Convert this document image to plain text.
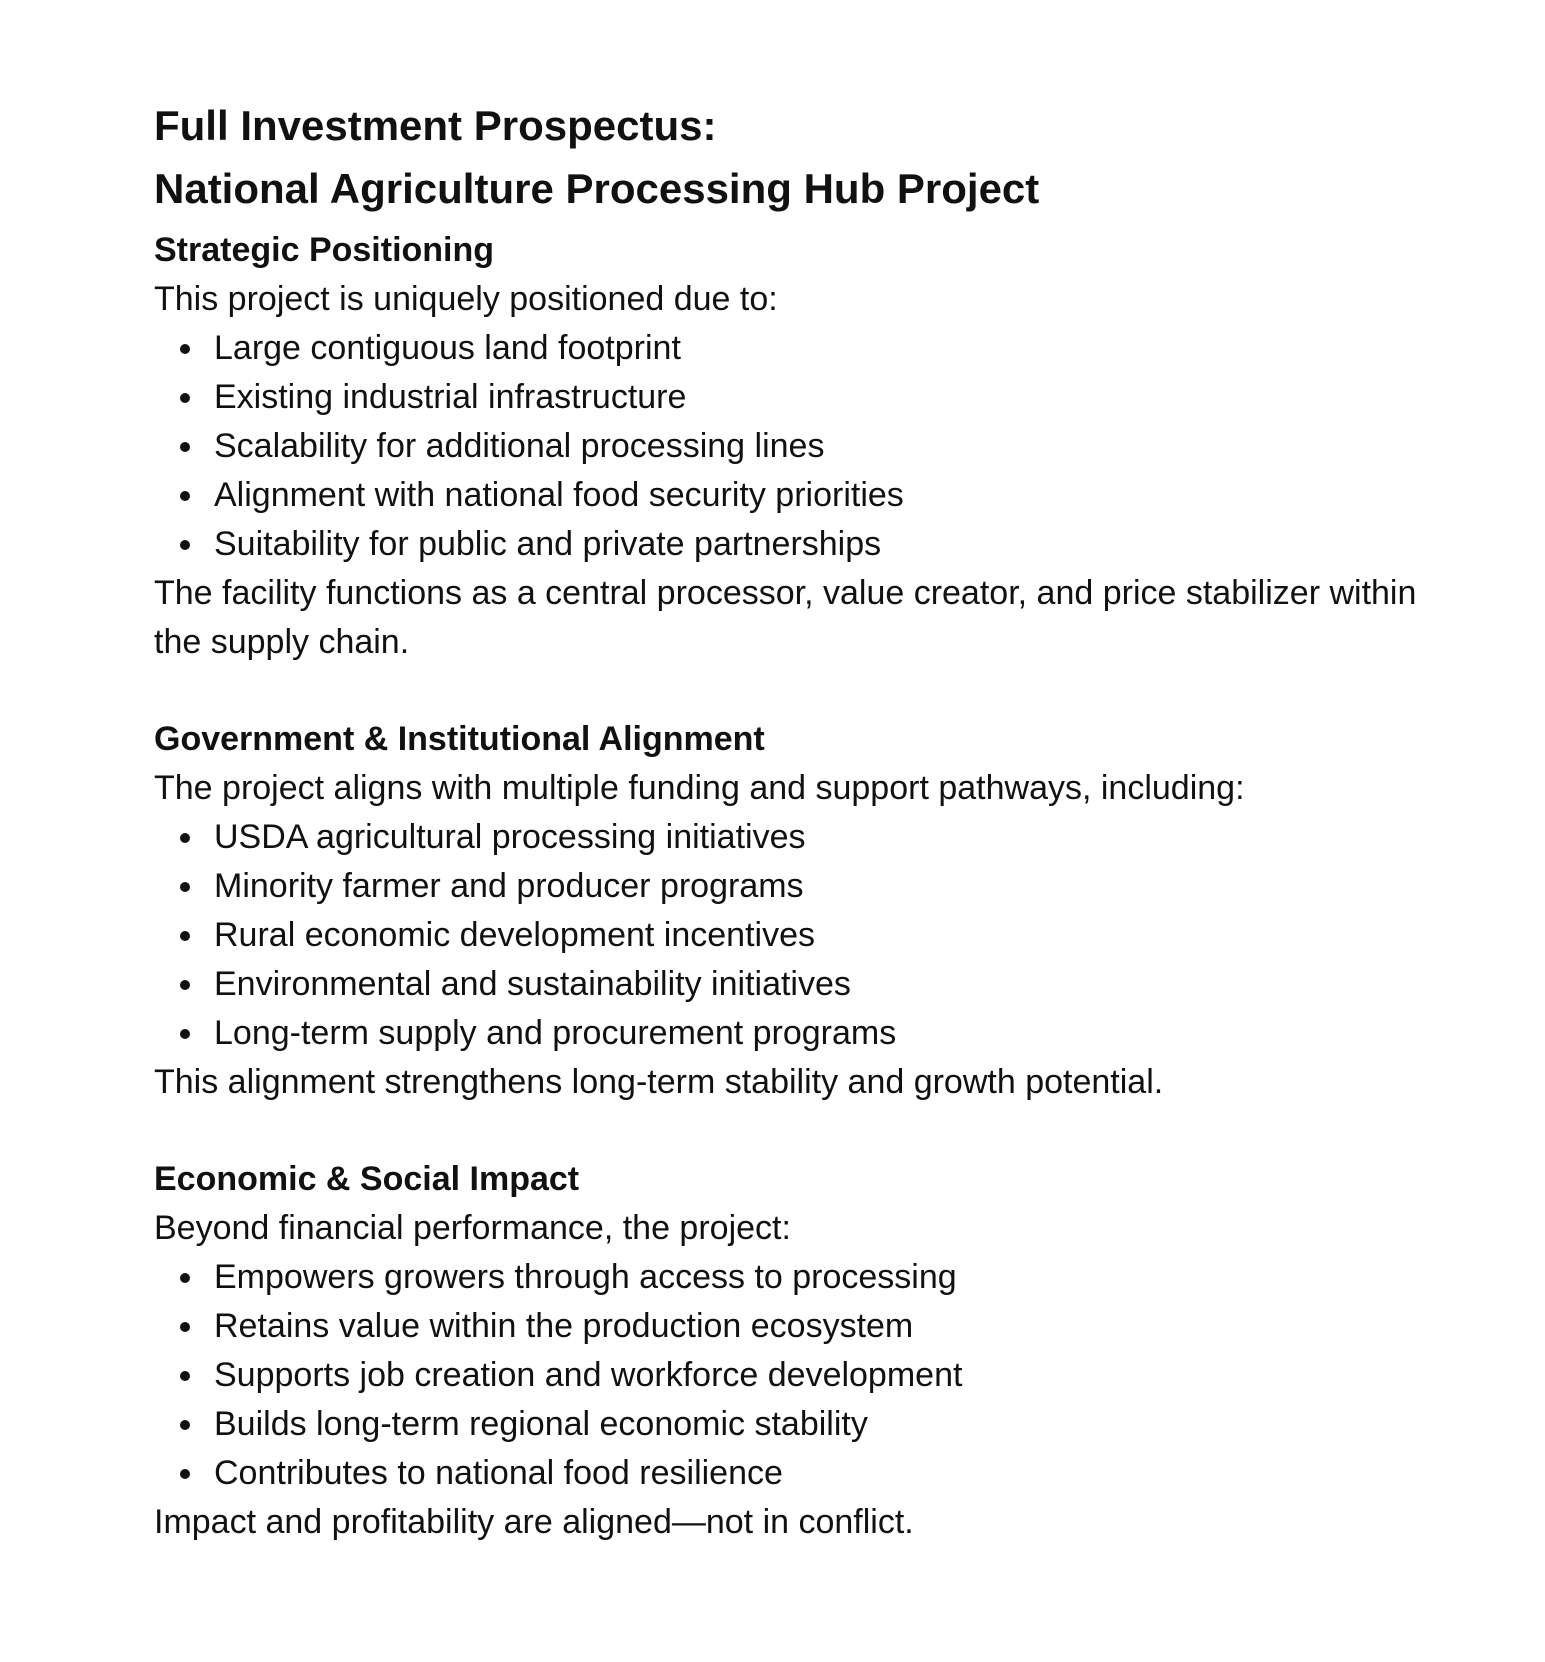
Full Investment Prospectus:
National Agriculture Processing Hub Project
Strategic Positioning

This project is uniquely positioned due to:

Large contiguous land footprint
Existing industrial infrastructure
Scalability for additional processing lines
Alignment with national food security priorities
Suitability for public and private partnerships

The facility functions as a central processor, value creator, and price stabilizer within the supply chain.

Government & Institutional Alignment

The project aligns with multiple funding and support pathways, including:

USDA agricultural processing initiatives
Minority farmer and producer programs
Rural economic development incentives
Environmental and sustainability initiatives
Long-term supply and procurement programs

This alignment strengthens long-term stability and growth potential.

Economic & Social Impact

Beyond financial performance, the project:

Empowers growers through access to processing
Retains value within the production ecosystem
Supports job creation and workforce development
Builds long-term regional economic stability
Contributes to national food resilience

Impact and profitability are aligned—not in conflict.
